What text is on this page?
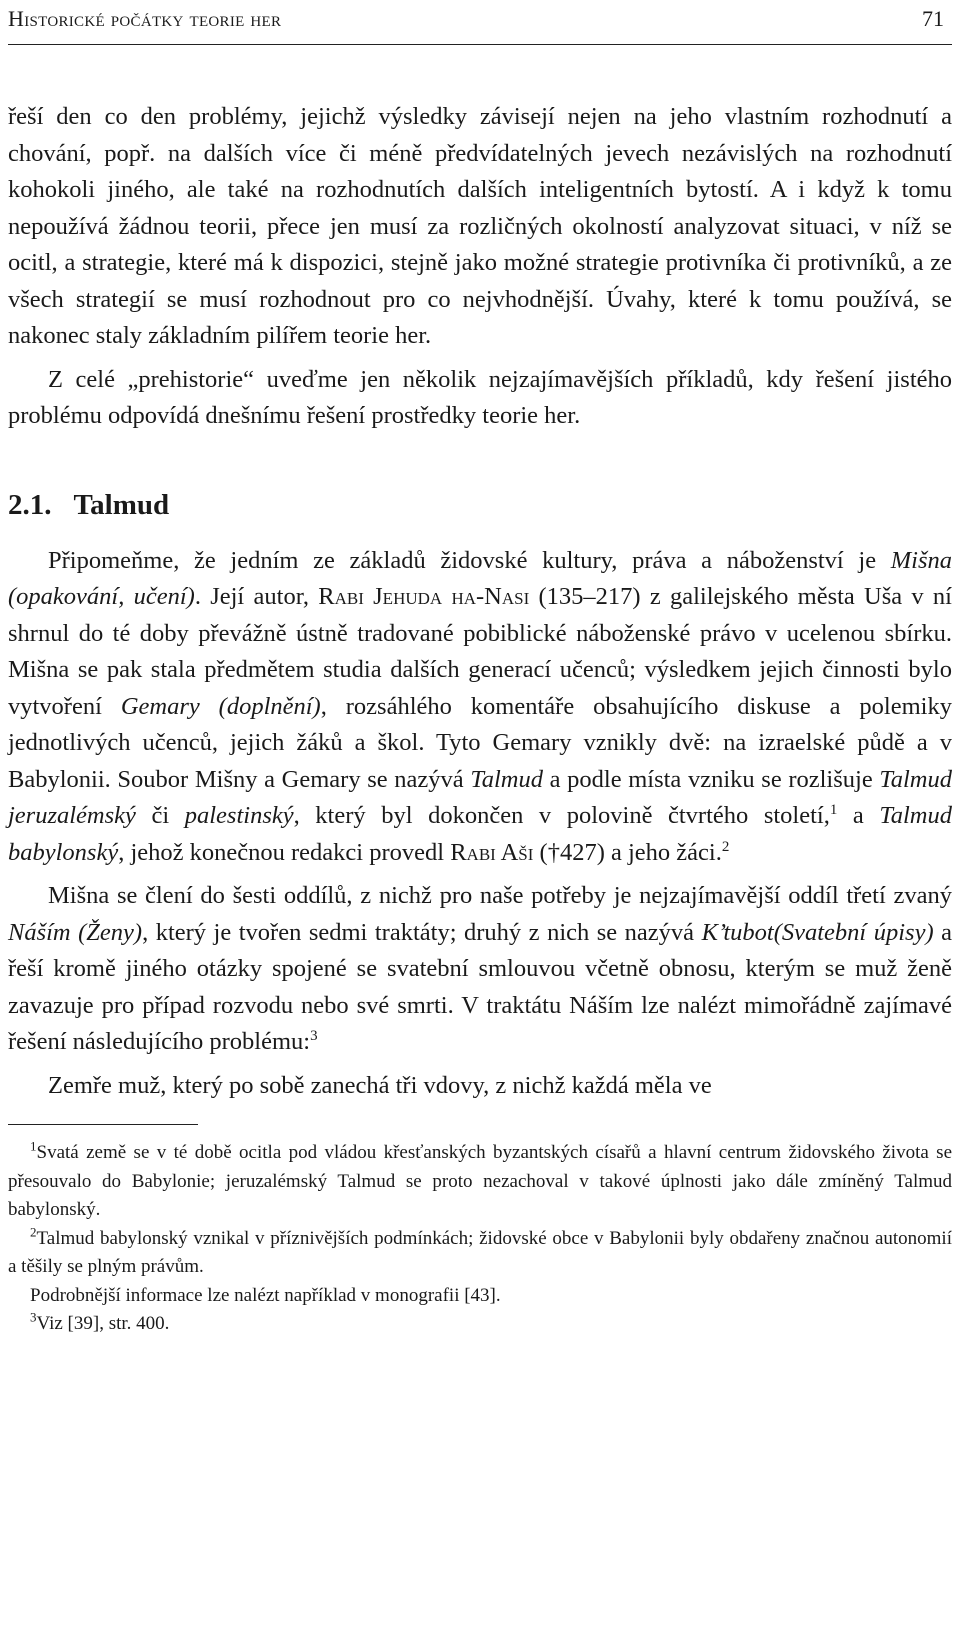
Historické počátky teorie her	71

řeší den co den problémy, jejichž výsledky závisejí nejen na jeho vlastním rozhodnutí a chování, popř. na dalších více či méně předvídatelných jevech nezávislých na rozhodnutí kohokoli jiného, ale také na rozhodnutích dalších inteligentních bytostí. A i když k tomu nepoužívá žádnou teorii, přece jen musí za rozličných okolností analyzovat situaci, v níž se ocitl, a strategie, které má k dispozici, stejně jako možné strategie protivníka či protivníků, a ze všech strategií se musí rozhodnout pro co nejvhodnější. Úvahy, které k tomu používá, se nakonec staly základním pilířem teorie her.

Z celé „prehistorie“ uveďme jen několik nejzajímavějších příkladů, kdy řešení jistého problému odpovídá dnešnímu řešení prostředky teorie her.

2.1. Talmud

Připomeňme, že jedním ze základů židovské kultury, práva a náboženství je Mišna (opakování, učení). Její autor, Rabi Jehuda ha-Nasi (135–217) z galilejského města Uša v ní shrnul do té doby převážně ústně tradované pobiblické náboženské právo v ucelenou sbírku. Mišna se pak stala předmětem studia dalších generací učenců; výsledkem jejich činnosti bylo vytvoření Gemary (doplnění), rozsáhlého komentáře obsahujícího diskuse a polemiky jednotlivých učenců, jejich žáků a škol. Tyto Gemary vznikly dvě: na izraelské půdě a v Babylonii. Soubor Mišny a Gemary se nazývá Talmud a podle místa vzniku se rozlišuje Talmud jeruzalémský či palestinský, který byl dokončen v polovině čtvrtého století,$^1$ a Talmud babylonský, jehož konečnou redakci provedl Rabi Aši (†427) a jeho žáci.$^2$

Mišna se člení do šesti oddílů, z nichž pro naše potřeby je nejzajímavější oddíl třetí zvaný Náším (Ženy), který je tvořen sedmi traktáty; druhý z nich se nazývá K’tubot(Svatební úpisy) a řeší kromě jiného otázky spojené se svatební smlouvou včetně obnosu, kterým se muž ženě zavazuje pro případ rozvodu nebo své smrti. V traktátu Náším lze nalézt mimořádně zajímavé řešení následujícího problému:$^3$

Zemře muž, který po sobě zanechá tři vdovy, z nichž každá měla ve

$^1$Svatá země se v té době ocitla pod vládou křesťanských byzantských císařů a hlavní centrum židovského života se přesouvalo do Babylonie; jeruzalémský Talmud se proto nezachoval v takové úplnosti jako dále zmíněný Talmud babylonský.

$^2$Talmud babylonský vznikal v příznivějších podmínkách; židovské obce v Babylonii byly obdařeny značnou autonomií a těšily se plným právům.

Podrobnější informace lze nalézt například v monografii [43].

$^3$Viz [39], str. 400.
